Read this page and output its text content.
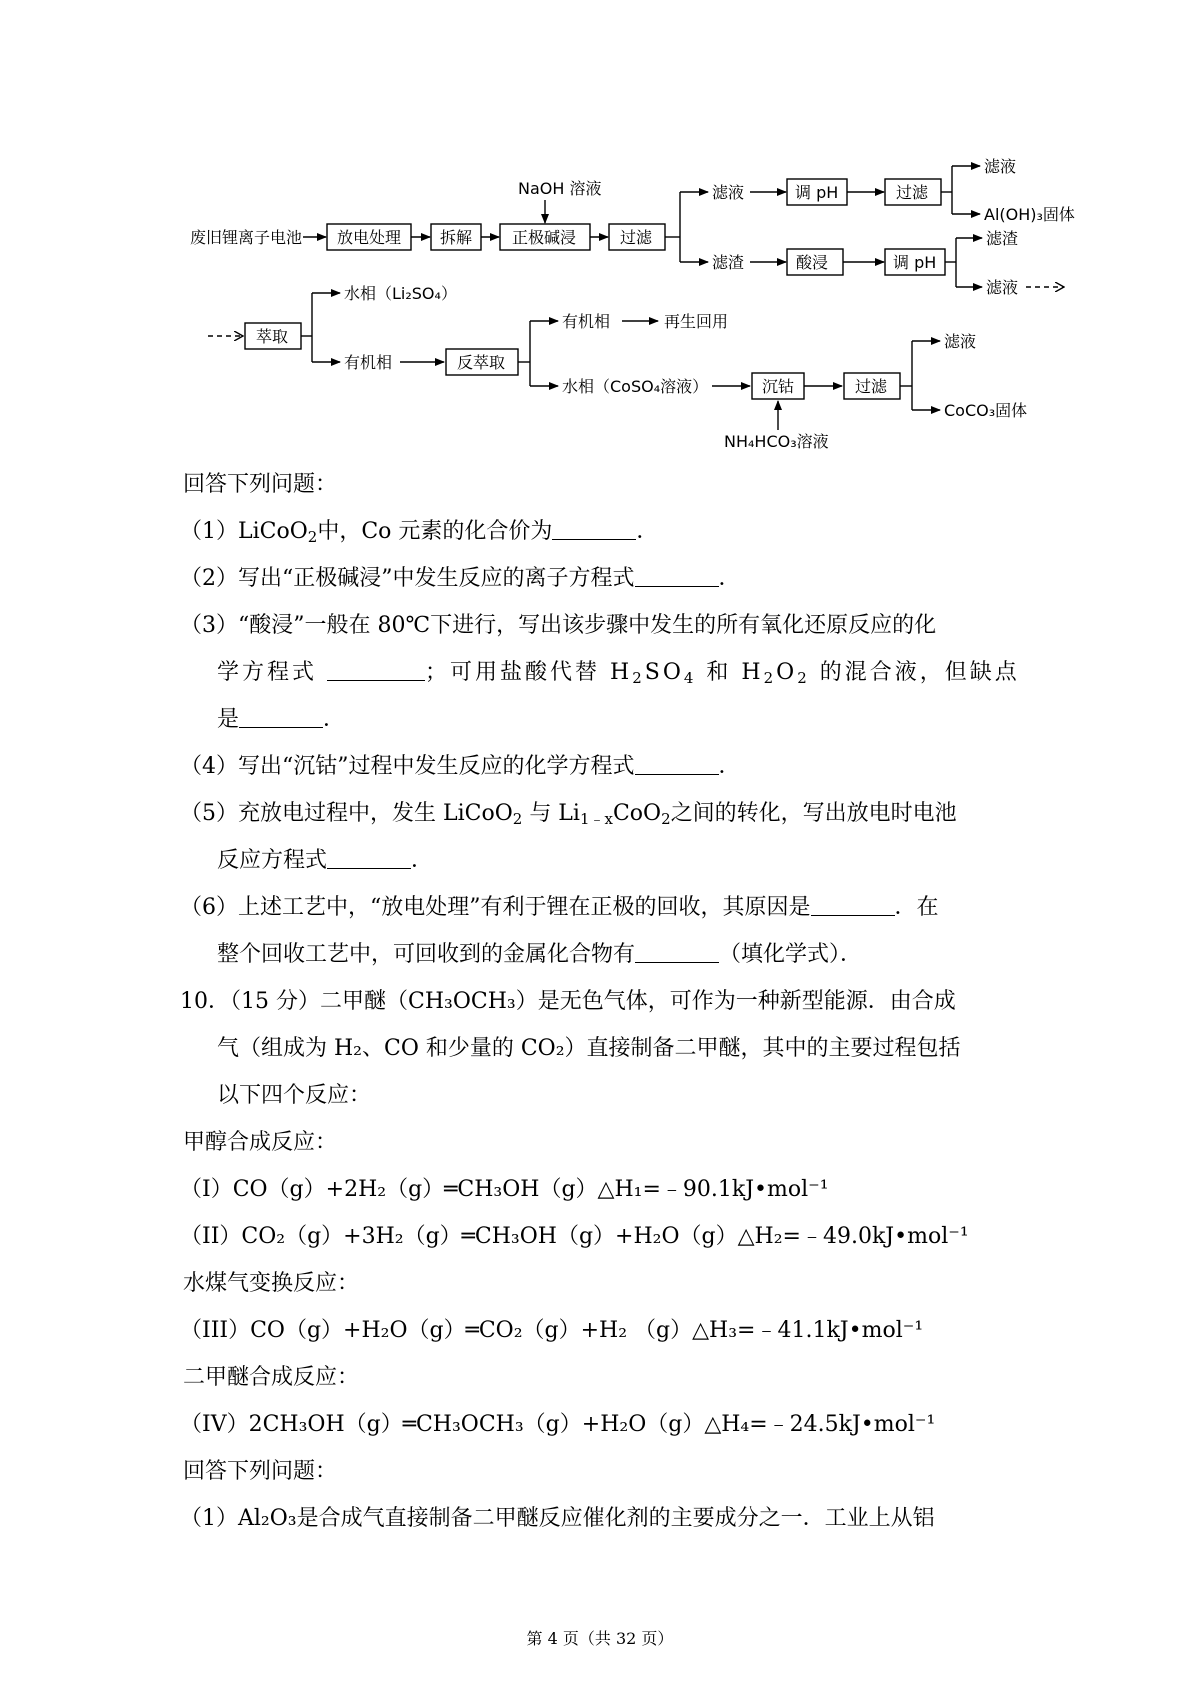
废旧锂离子电池 放电处理 拆解 正极碱浸
NaOH 溶液
过滤
滤液	调 pH	过滤
滤液
Al(OH)₃固体
滤渣	酸浸	调 pH
滤渣
滤液
萃取
水相（Li₂SO₄）
有机相	反萃取
有机相	再生回用
水相（CoSO₄溶液）	沉钴
NH₄HCO₃溶液
过滤
滤液
CoCO₃固体
回答下列问题：
（1）LiCoO$_2$中，Co 元素的化合价为	．
（2）写出“正极碱浸”中发生反应的离子方程式	．
（3）“酸浸”一般在 80℃下进行，写出该步骤中发生的所有氧化还原反应的化
学方程式	；可用盐酸代替 $H_2SO_4$ 和 $H_2O_2$ 的混合液，但缺点
是	．
（4）写出“沉钴”过程中发生反应的化学方程式	．
（5）充放电过程中，发生 LiCoO$_2$ 与 $Li_{1﹣x}CoO_2$之间的转化，写出放电时电池
反应方程式	．
（6）上述工艺中，“放电处理”有利于锂在正极的回收，其原因是	．在
整个回收工艺中，可回收到的金属化合物有	（填化学式）．
10．（15 分）二甲醚（CH₃OCH₃）是无色气体，可作为一种新型能源．由合成
气（组成为 H₂、CO 和少量的 CO₂）直接制备二甲醚，其中的主要过程包括
以下四个反应：
甲醇合成反应：
（I）CO（g）+2H₂（g）═CH₃OH（g）△H₁=﹣90.1kJ•mol⁻¹
（II）CO₂（g）+3H₂（g）═CH₃OH（g）+H₂O（g）△H₂=﹣49.0kJ•mol⁻¹
水煤气变换反应：
（III）CO（g）+H₂O（g）═CO₂（g）+H₂ （g）△H₃=﹣41.1kJ•mol⁻¹
二甲醚合成反应：
（IV）2CH₃OH（g）═CH₃OCH₃（g）+H₂O（g）△H₄=﹣24.5kJ•mol⁻¹
回答下列问题：
（1）Al₂O₃是合成气直接制备二甲醚反应催化剂的主要成分之一．工业上从铝
第 4 页（共 32 页）
